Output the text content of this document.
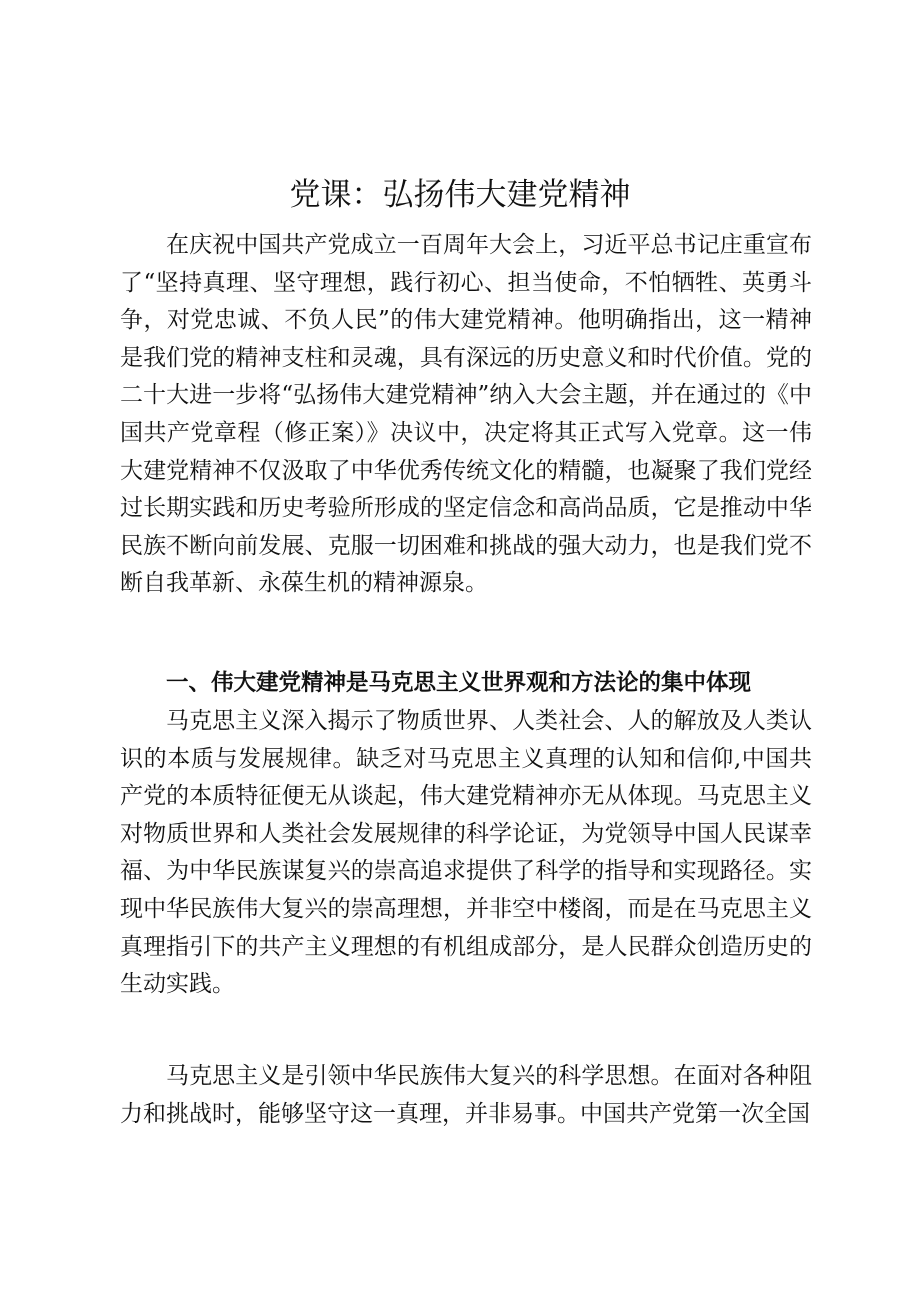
党课：弘扬伟大建党精神

在庆祝中国共产党成立一百周年大会上，习近平总书记庄重宣布了“坚持真理、坚守理想，践行初心、担当使命，不怕牺牲、英勇斗争，对党忠诚、不负人民”的伟大建党精神。他明确指出，这一精神是我们党的精神支柱和灵魂，具有深远的历史意义和时代价值。党的二十大进一步将“弘扬伟大建党精神”纳入大会主题，并在通过的《中国共产党章程（修正案）》决议中，决定将其正式写入党章。这一伟大建党精神不仅汲取了中华优秀传统文化的精髓，也凝聚了我们党经过长期实践和历史考验所形成的坚定信念和高尚品质，它是推动中华民族不断向前发展、克服一切困难和挑战的强大动力，也是我们党不断自我革新、永葆生机的精神源泉。

一、伟大建党精神是马克思主义世界观和方法论的集中体现

马克思主义深入揭示了物质世界、人类社会、人的解放及人类认识的本质与发展规律。缺乏对马克思主义真理的认知和信仰,中国共产党的本质特征便无从谈起，伟大建党精神亦无从体现。马克思主义对物质世界和人类社会发展规律的科学论证，为党领导中国人民谋幸福、为中华民族谋复兴的崇高追求提供了科学的指导和实现路径。实现中华民族伟大复兴的崇高理想，并非空中楼阁，而是在马克思主义真理指引下的共产主义理想的有机组成部分，是人民群众创造历史的生动实践。

马克思主义是引领中华民族伟大复兴的科学思想。在面对各种阻力和挑战时，能够坚守这一真理，并非易事。中国共产党第一次全国
